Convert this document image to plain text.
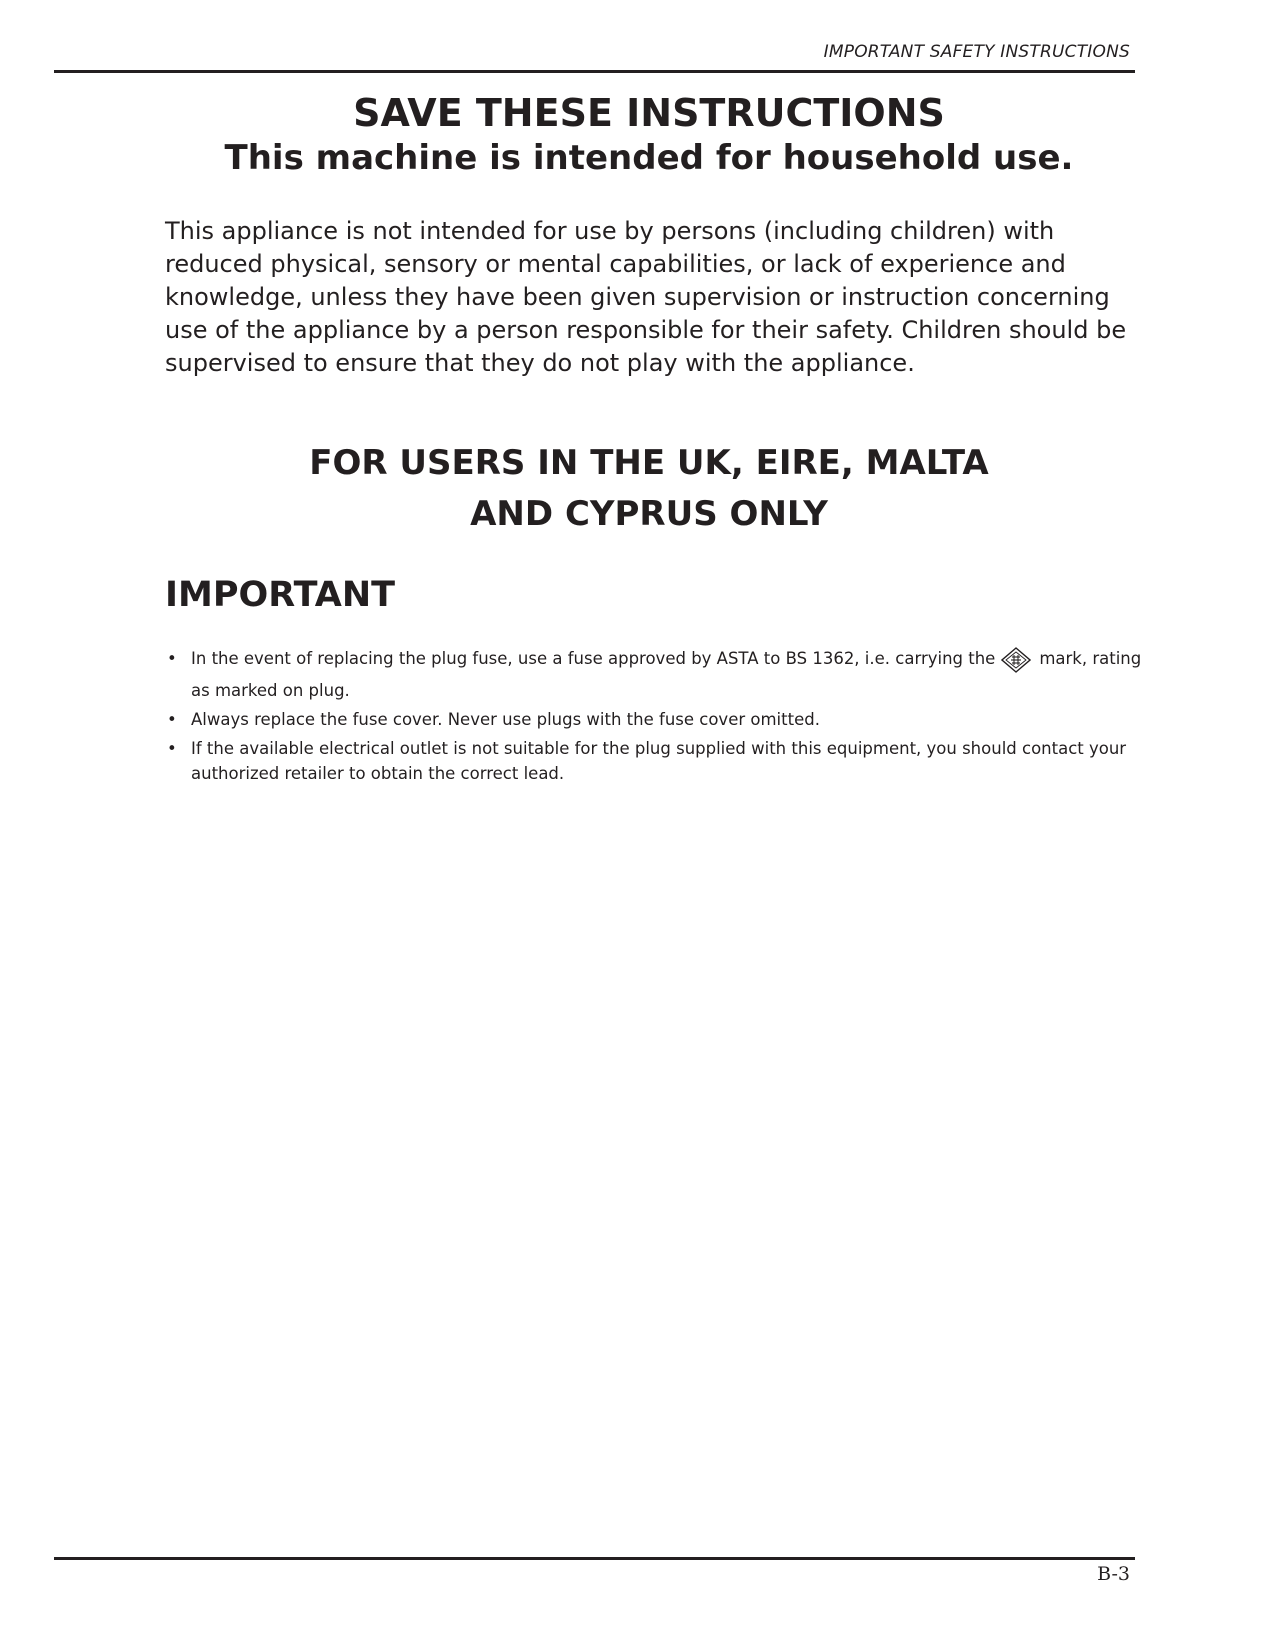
IMPORTANT SAFETY INSTRUCTIONS
SAVE THESE INSTRUCTIONS
This machine is intended for household use.

This appliance is not intended for use by persons (including children) with reduced physical, sensory or mental capabilities, or lack of experience and knowledge, unless they have been given supervision or instruction concerning use of the appliance by a person responsible for their safety. Children should be supervised to ensure that they do not play with the appliance.

FOR USERS IN THE UK, EIRE, MALTA
AND CYPRUS ONLY
IMPORTANT
• In the event of replacing the plug fuse, use a fuse approved by ASTA to BS 1362, i.e. carrying the	mark, rating as marked on plug.
• Always replace the fuse cover. Never use plugs with the fuse cover omitted.
• If the available electrical outlet is not suitable for the plug supplied with this equipment, you should contact your authorized retailer to obtain the correct lead.
B-3
